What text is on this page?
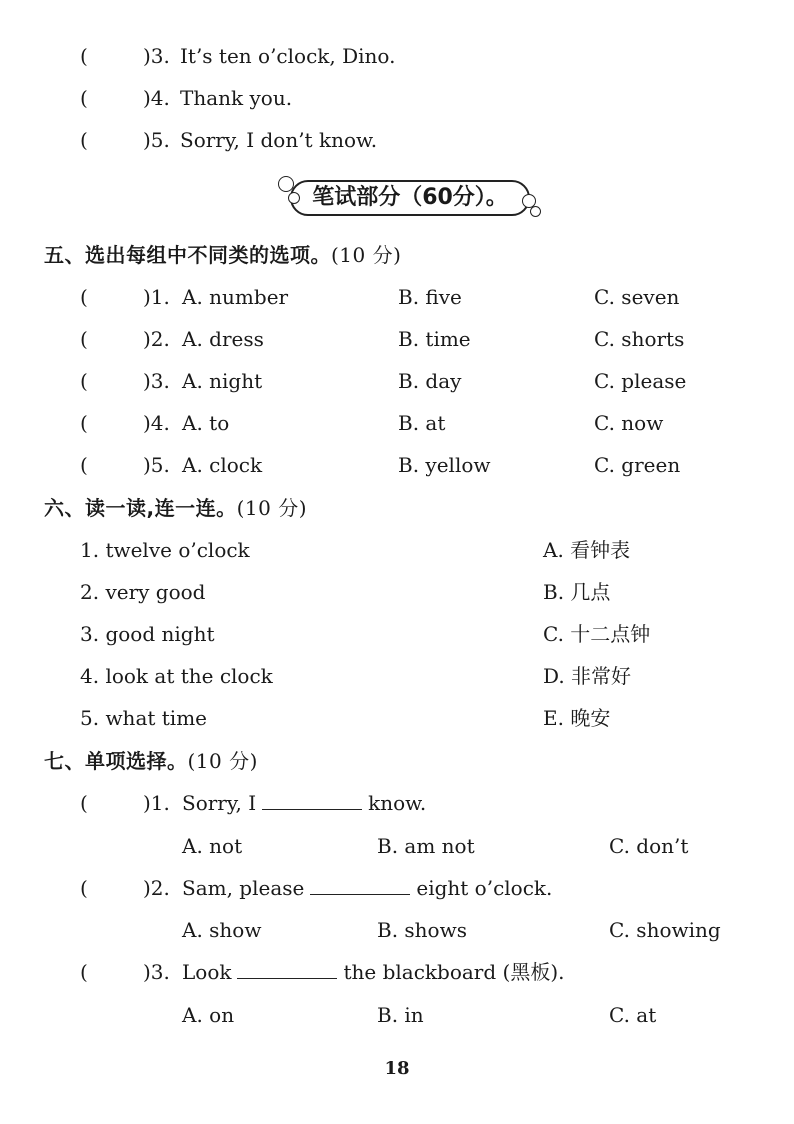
(	)3. It’s ten o’clock, Dino.
(	)4. Thank you.
(	)5. Sorry, I don’t know.
笔试部分（60分）。
五、选出每组中不同类的选项。(10 分)
(	)1. A. number	B. five	C. seven
(	)2. A. dress	B. time	C. shorts
(	)3. A. night	B. day	C. please
(	)4. A. to	B. at	C. now
(	)5. A. clock	B. yellow	C. green
六、读一读,连一连。(10 分)
1. twelve o’clock	A. 看钟表
2. very good	B. 几点
3. good night	C. 十二点钟
4. look at the clock	D. 非常好
5. what time	E. 晚安
七、单项选择。(10 分)
(	)1. Sorry, I	know.
A. not	B. am not	C. don’t
(	)2. Sam, please	eight o’clock.
A. show	B. shows	C. showing
(	)3. Look	the blackboard (黑板).
A. on	B. in	C. at
18
